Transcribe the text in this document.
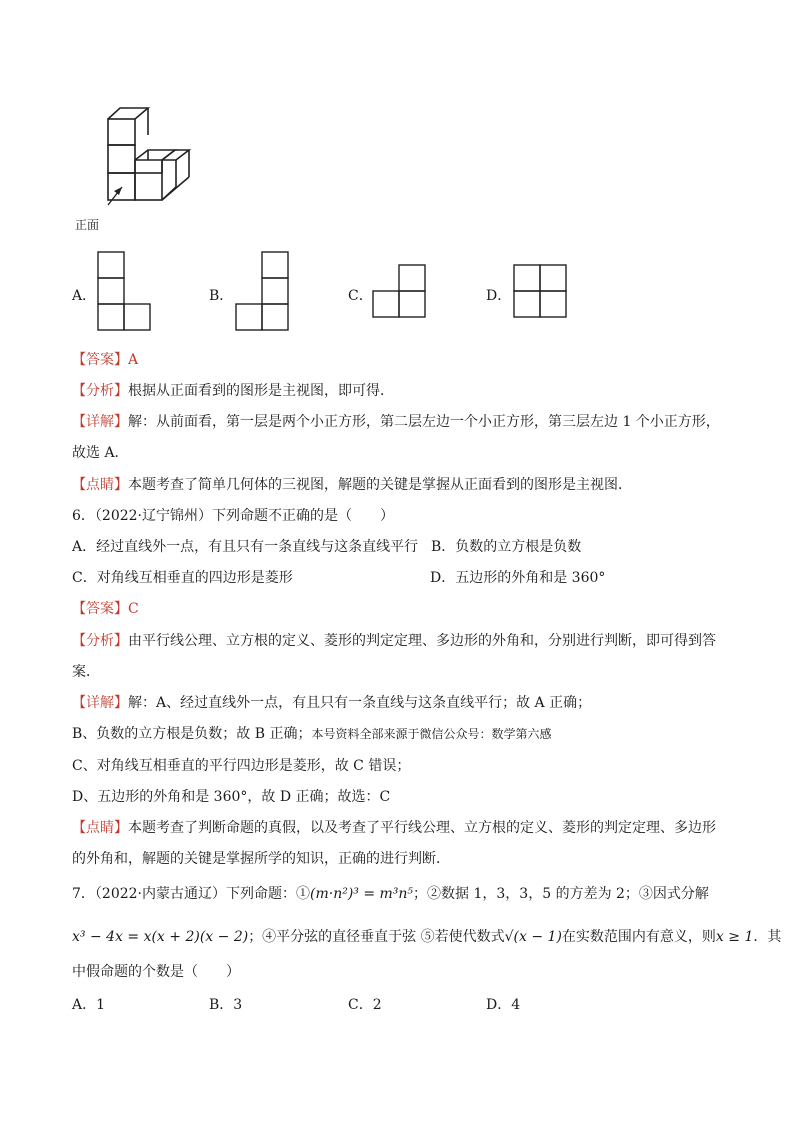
正面
A．	B．	C．	D．
【答案】A
【分析】根据从正面看到的图形是主视图，即可得．
【详解】解：从前面看，第一层是两个小正方形，第二层左边一个小正方形，第三层左边 1 个小正方形，
故选 A．
【点睛】本题考查了简单几何体的三视图，解题的关键是掌握从正面看到的图形是主视图．
6．（2022·辽宁锦州）下列命题不正确的是（　　）
A．经过直线外一点，有且只有一条直线与这条直线平行 B．负数的立方根是负数
C．对角线互相垂直的四边形是菱形	D．五边形的外角和是 360°
【答案】C
【分析】由平行线公理、立方根的定义、菱形的判定定理、多边形的外角和，分别进行判断，即可得到答
案．
【详解】解：A、经过直线外一点，有且只有一条直线与这条直线平行；故 A 正确；
B、负数的立方根是负数；故 B 正确；本号资料全部来源于微信公众号：数学第六感
C、对角线互相垂直的平行四边形是菱形，故 C 错误；
D、五边形的外角和是 360°，故 D 正确；故选：C
【点睛】本题考查了判断命题的真假，以及考查了平行线公理、立方根的定义、菱形的判定定理、多边形
的外角和，解题的关键是掌握所学的知识，正确的进行判断．
7．（2022·内蒙古通辽）下列命题：①(m·n²)³ = m³n⁵；②数据 1，3，3，5 的方差为 2；③因式分解
x³ − 4x = x(x + 2)(x − 2)；④平分弦的直径垂直于弦 ⑤若使代数式√(x − 1)在实数范围内有意义，则x ≥ 1．其
中假命题的个数是（　　）
A．1	B．3	C．2	D．4
